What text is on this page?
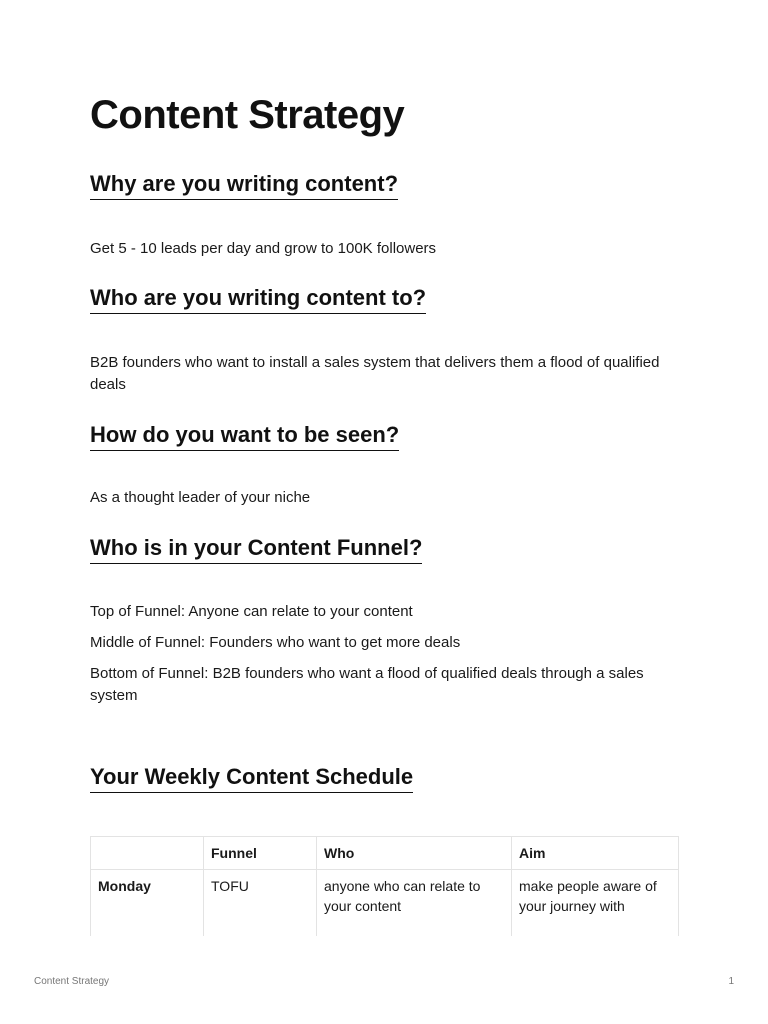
Content Strategy
Why are you writing content?

Get 5 - 10 leads per day and grow to 100K followers

Who are you writing content to?

B2B founders who want to install a sales system that delivers them a flood of qualified deals

How do you want to be seen?

As a thought leader of your niche

Who is in your Content Funnel?

Top of Funnel: Anyone can relate to your content

Middle of Funnel: Founders who want to get more deals

Bottom of Funnel: B2B founders who want a flood of qualified deals through a sales system

Your Weekly Content Schedule
	Funnel	Who	Aim
Monday	TOFU	anyone who can relate to your content	make people aware of your journey with
Content Strategy	1
